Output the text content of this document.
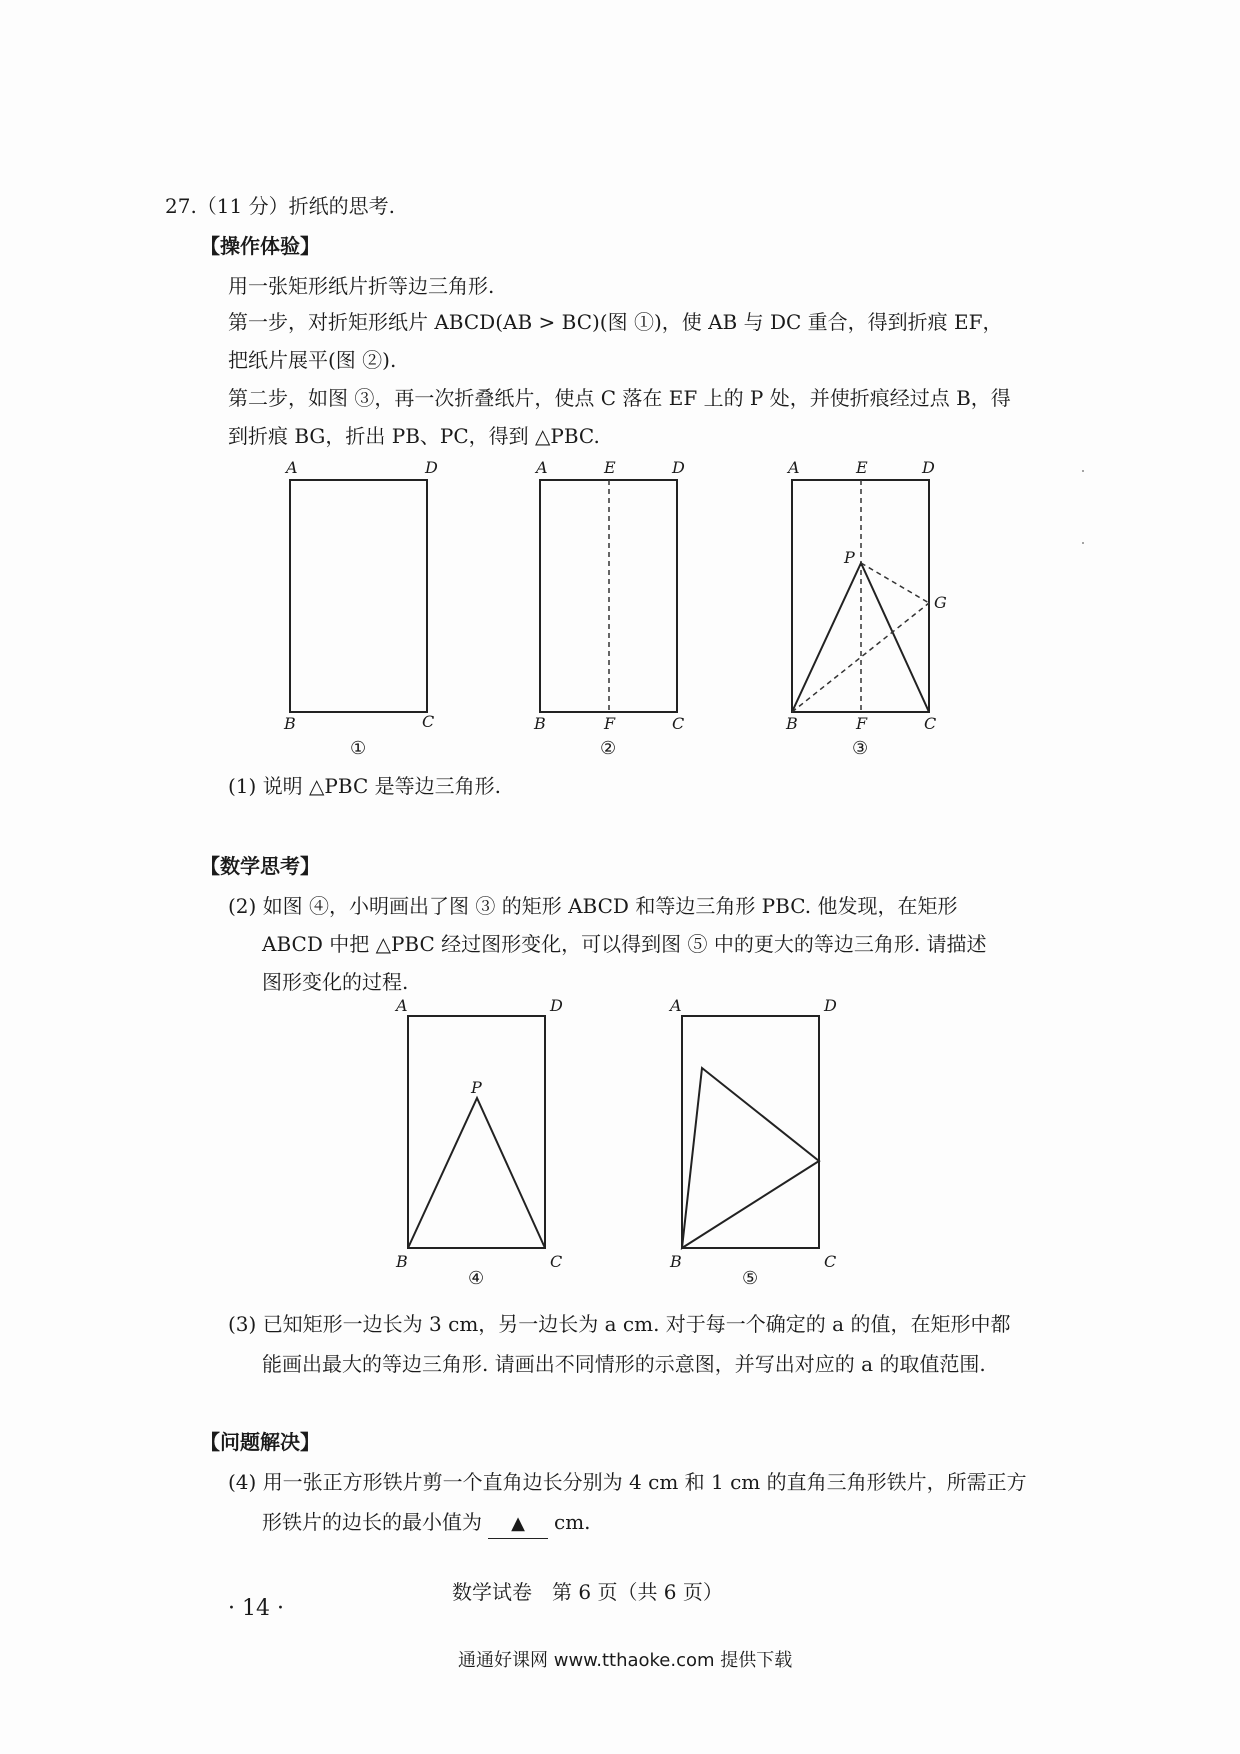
27.（11 分）折纸的思考.
【操作体验】
用一张矩形纸片折等边三角形.
第一步，对折矩形纸片 ABCD(AB > BC)(图 ①)，使 AB 与 DC 重合，得到折痕 EF，
把纸片展平(图 ②).
第二步，如图 ③，再一次折叠纸片，使点 C 落在 EF 上的 P 处，并使折痕经过点 B，得
到折痕 BG，折出 PB、PC，得到 △PBC.
A	D
B	C
①
A	E	D
B	F	C
②
A	E	D
P
G
B	F	C
③
(1) 说明 △PBC 是等边三角形.
【数学思考】
(2) 如图 ④，小明画出了图 ③ 的矩形 ABCD 和等边三角形 PBC. 他发现，在矩形
ABCD 中把 △PBC 经过图形变化，可以得到图 ⑤ 中的更大的等边三角形. 请描述
图形变化的过程.
A	D
P
B	C
④
A	D
B	C
⑤
(3) 已知矩形一边长为 3 cm，另一边长为 a cm. 对于每一个确定的 a 的值，在矩形中都
能画出最大的等边三角形. 请画出不同情形的示意图，并写出对应的 a 的取值范围.
【问题解决】
(4) 用一张正方形铁片剪一个直角边长分别为 4 cm 和 1 cm 的直角三角形铁片，所需正方
形铁片的边长的最小值为 ▲ cm.
· 14 ·
数学试卷　第 6 页（共 6 页）
通通好课网 www.tthaoke.com 提供下载
